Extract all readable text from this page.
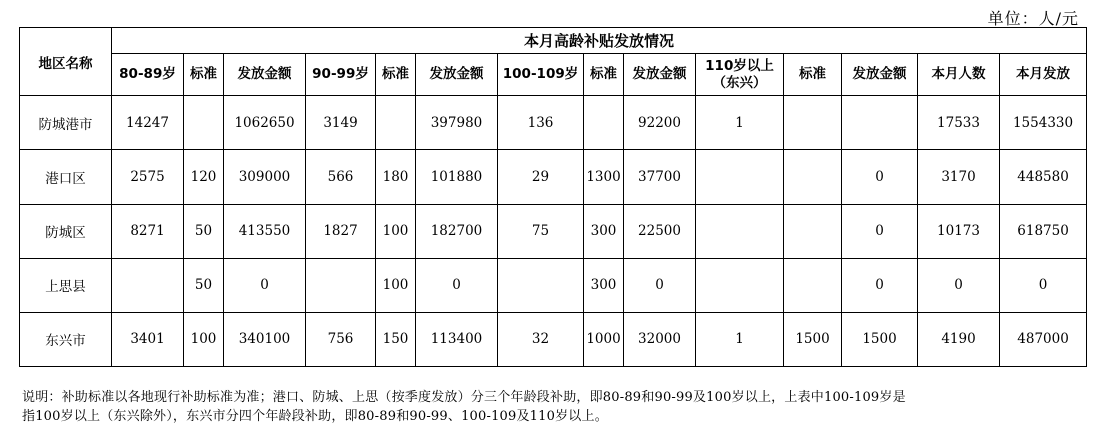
单位：人/元
地区名称	本月高龄补贴发放情况													
	80-89岁	标准	发放金额	90-99岁	标准	发放金额	100-109岁	标准	发放金额	110岁以上（东兴）	标准	发放金额	本月人数	本月发放
防城港市	14247		1062650	3149		397980	136		92200	1			17533	1554330
港口区	2575	120	309000	566	180	101880	29	1300	37700			0	3170	448580
防城区	8271	50	413550	1827	100	182700	75	300	22500			0	10173	618750
上思县		50	0		100	0		300	0			0	0	0
东兴市	3401	100	340100	756	150	113400	32	1000	32000	1	1500	1500	4190	487000
说明：补助标准以各地现行补助标准为准；港口、防城、上思（按季度发放）分三个年龄段补助，即80-89和90-99及100岁以上，上表中100-109岁是
指100岁以上（东兴除外），东兴市分四个年龄段补助，即80-89和90-99、100-109及110岁以上。
